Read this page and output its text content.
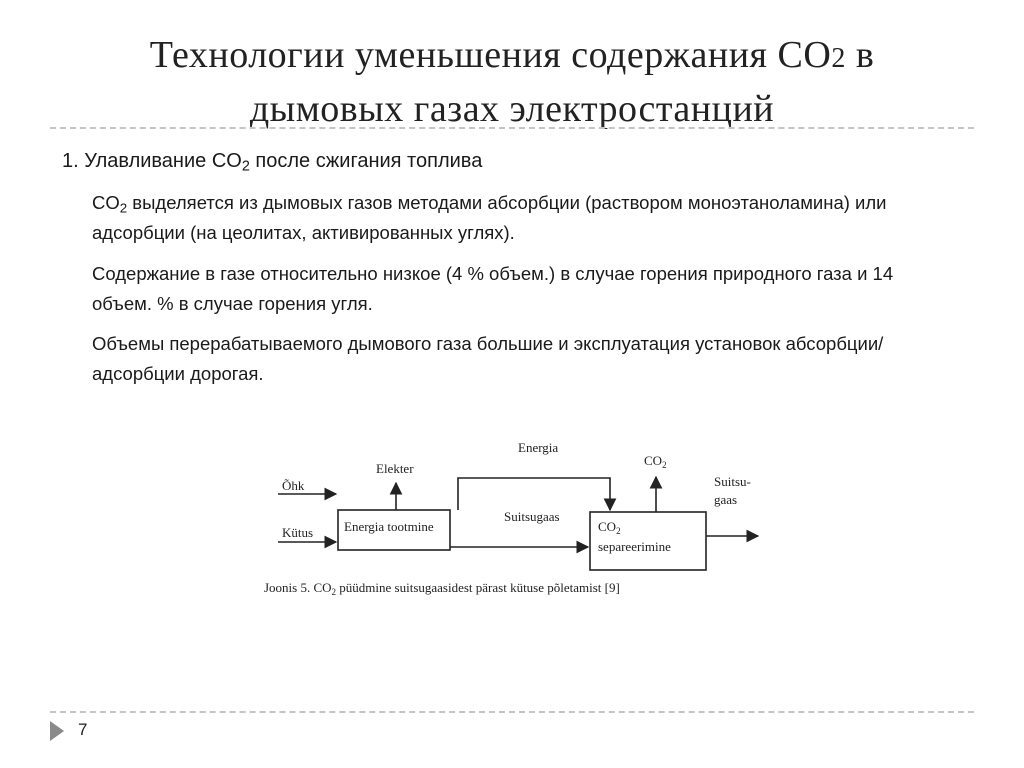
Технологии уменьшения содержания CO2 в
дымовых газах электростанций
1. Улавливание $CO_2$ после сжигания топлива
$CO_2$ выделяется из дымовых газов методами абсорбции (раствором моноэтаноламина) или адсорбции (на цеолитах, активированных углях).
Содержание в газе относительно низкое (4 % объем.) в случае горения природного газа и 14 объем. % в случае горения угля.
Объемы перерабатываемого дымового газа большие и эксплуатация установок абсорбции/адсорбции дорогая.
Õhk
Kütus Energia tootmine
Elekter
Energia
Suitsugaas
$CO_2$
separeerimine
$CO_2$
Suitsu-
gaas
Joonis 5. $CO_2$ püüdmine suitsugaasidest pärast kütuse põletamist [9]
7
